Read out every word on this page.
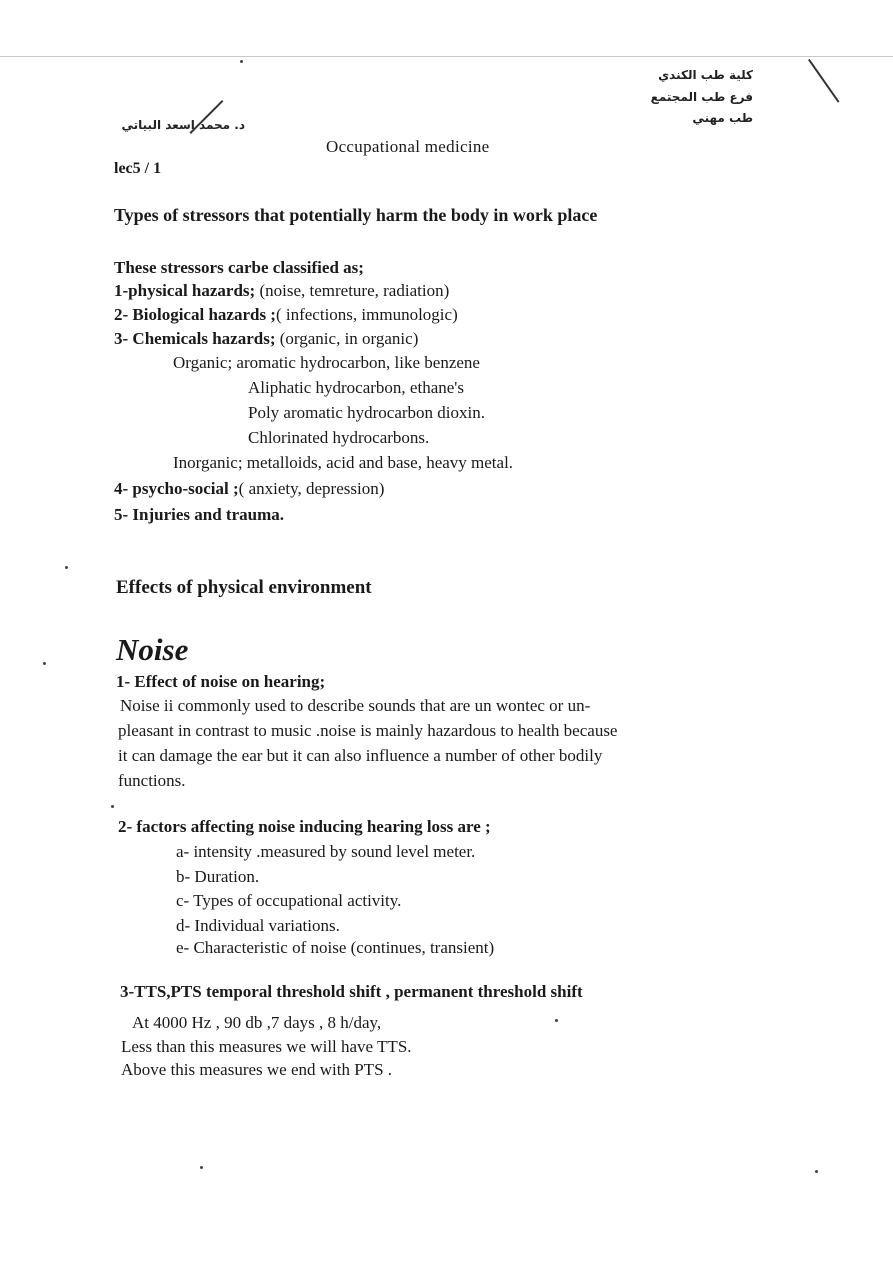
كلية طب الكندي
فرع طب المجتمع
طب مهني
د. محمد اسعد البياتي
Occupational medicine
lec5 / 1
Types of stressors that potentially harm the body in work place
These stressors carbe classified as;
1-physical hazards; (noise, temreture, radiation)
2- Biological hazards ;( infections, immunologic)
3- Chemicals hazards; (organic, in organic)
Organic; aromatic hydrocarbon, like benzene
Aliphatic hydrocarbon, ethane's
Poly aromatic hydrocarbon dioxin.
Chlorinated hydrocarbons.
Inorganic; metalloids, acid and base, heavy metal.
4- psycho-social ;( anxiety, depression)
5- Injuries and trauma.
Effects of physical environment
Noise
1- Effect of noise on hearing;
Noise ii commonly used to describe sounds that are un wontec or un-
pleasant in contrast to music .noise is mainly hazardous to health because
it can damage the ear but it can also influence a number of other bodily
functions.
2- factors affecting noise inducing hearing loss are ;
a- intensity .measured by sound level meter.
b- Duration.
c- Types of occupational activity.
d- Individual variations.
e- Characteristic of noise (continues, transient)
3-TTS,PTS temporal threshold shift , permanent threshold shift
At 4000 Hz , 90 db ,7 days , 8 h/day,
Less than this measures we will have TTS.
Above this measures we end with PTS .
